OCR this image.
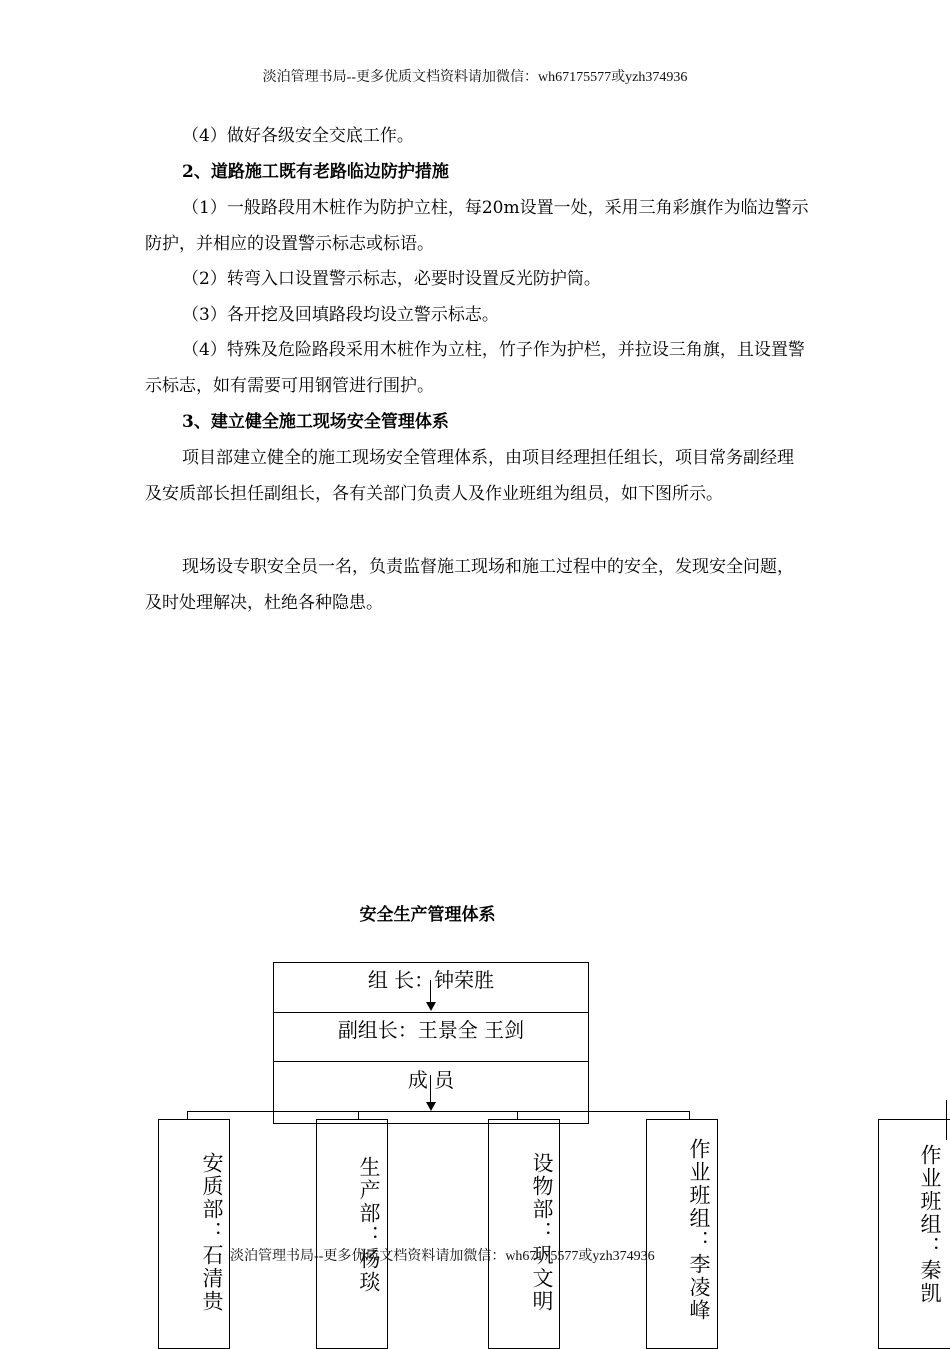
淡泊管理书局--更多优质文档资料请加微信：wh67175577或yzh374936

（4）做好各级安全交底工作。

2、道路施工既有老路临边防护措施

（1）一般路段用木桩作为防护立柱，每20m设置一处，采用三角彩旗作为临边警示防护，并相应的设置警示标志或标语。

（2）转弯入口设置警示标志，必要时设置反光防护筒。

（3）各开挖及回填路段均设立警示标志。

（4）特殊及危险路段采用木桩作为立柱，竹子作为护栏，并拉设三角旗，且设置警示标志，如有需要可用钢管进行围护。

3、建立健全施工现场安全管理体系

项目部建立健全的施工现场安全管理体系，由项目经理担任组长，项目常务副经理及安质部长担任副组长，各有关部门负责人及作业班组为组员，如下图所示。

现场设专职安全员一名，负责监督施工现场和施工过程中的安全，发现安全问题，及时处理解决，杜绝各种隐患。

安全生产管理体系
组 长：钟荣胜
副组长：王景全 王剑
成 员
安质部：石清贵	生产部：杨琰	设物部：巩文明	作业班组：李凌峰	作业班组：秦凯
淡泊管理书局--更多优质文档资料请加微信：wh67175577或yzh374936
